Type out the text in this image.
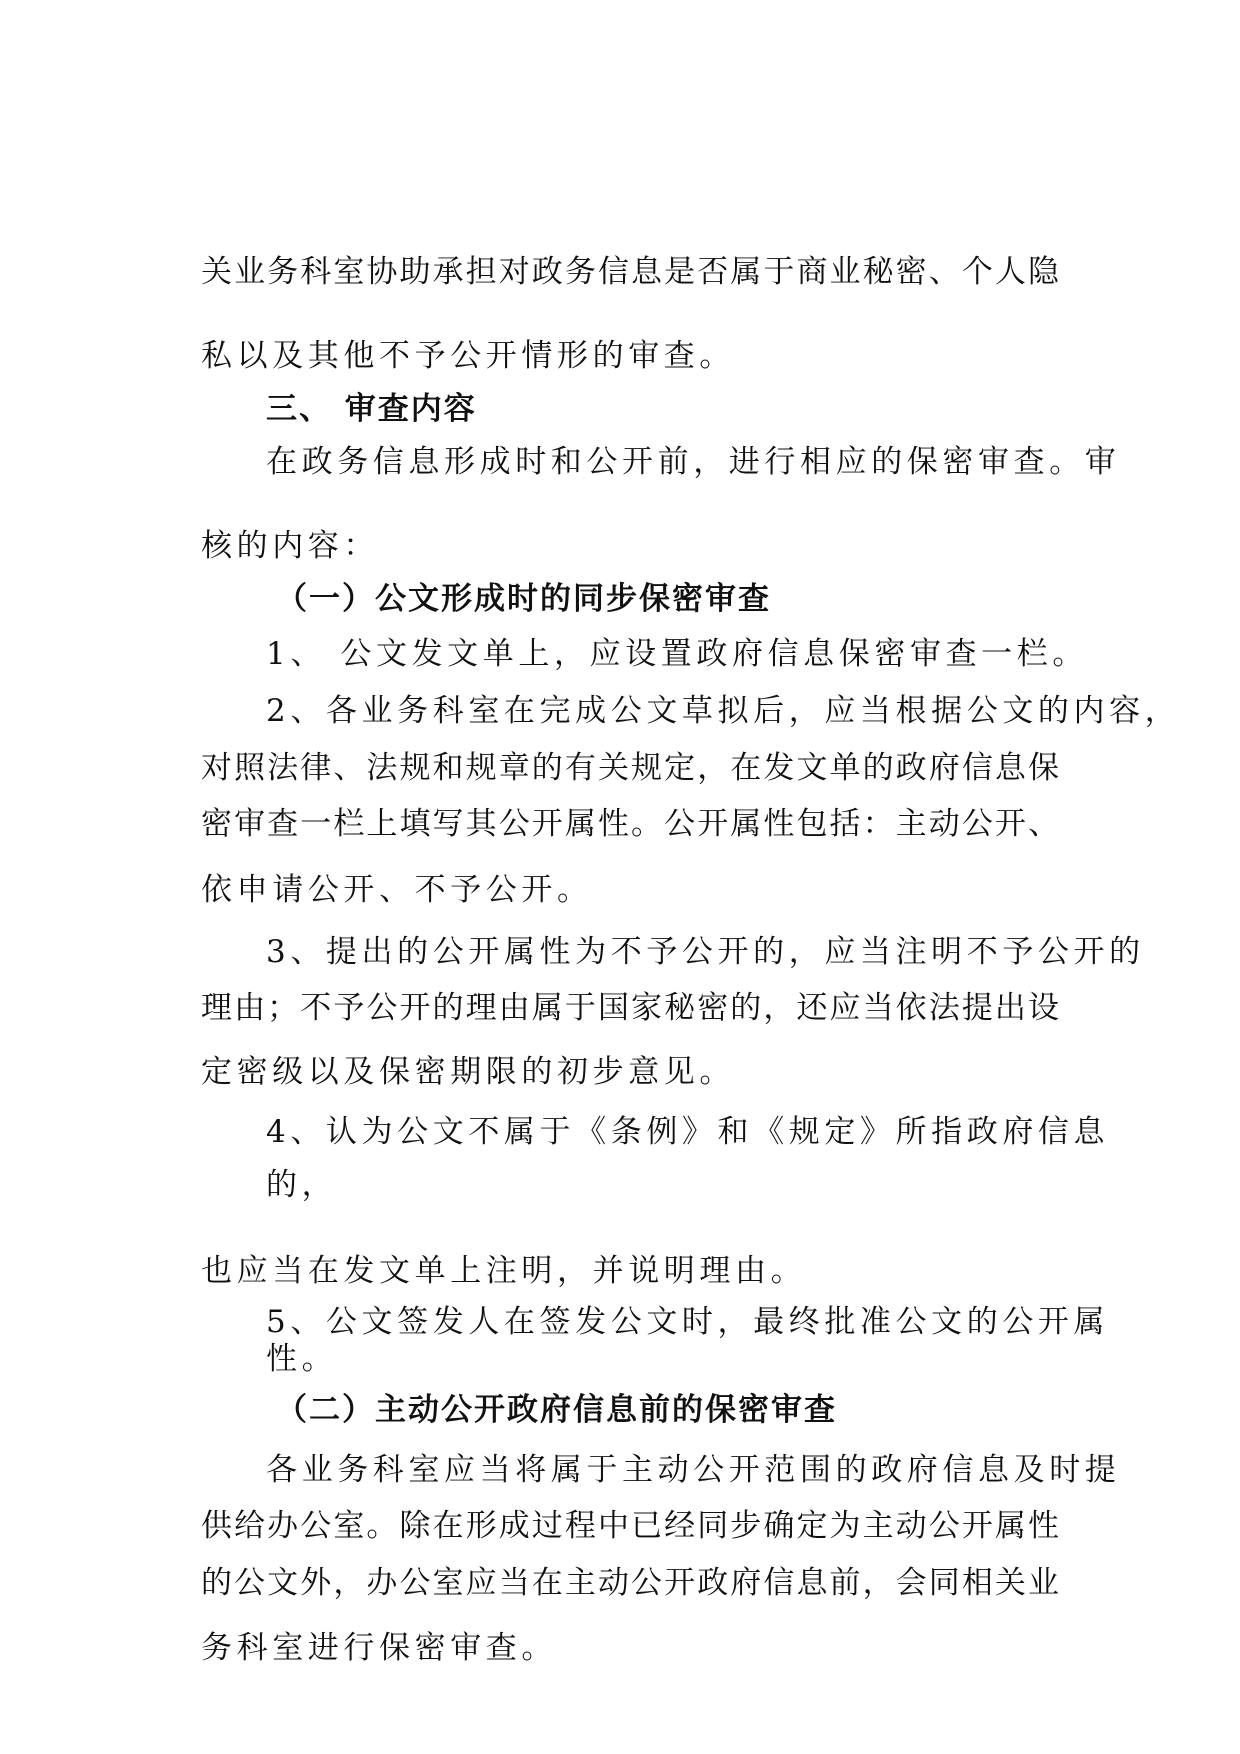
关业务科室协助承担对政务信息是否属于商业秘密、个人隐
私以及其他不予公开情形的审查。
三、 审查内容
在政务信息形成时和公开前，进行相应的保密审查。审
核的内容：
（一）公文形成时的同步保密审查
1、 公文发文单上，应设置政府信息保密审查一栏。
2、各业务科室在完成公文草拟后，应当根据公文的内容，
对照法律、法规和规章的有关规定，在发文单的政府信息保
密审查一栏上填写其公开属性。公开属性包括：主动公开、
依申请公开、不予公开。
3、提出的公开属性为不予公开的，应当注明不予公开的
理由；不予公开的理由属于国家秘密的，还应当依法提出设
定密级以及保密期限的初步意见。
4、认为公文不属于《条例》和《规定》所指政府信息
的，
也应当在发文单上注明，并说明理由。
5、公文签发人在签发公文时，最终批准公文的公开属
性。
（二）主动公开政府信息前的保密审查
各业务科室应当将属于主动公开范围的政府信息及时提
供给办公室。除在形成过程中已经同步确定为主动公开属性
的公文外，办公室应当在主动公开政府信息前，会同相关业
务科室进行保密审查。
